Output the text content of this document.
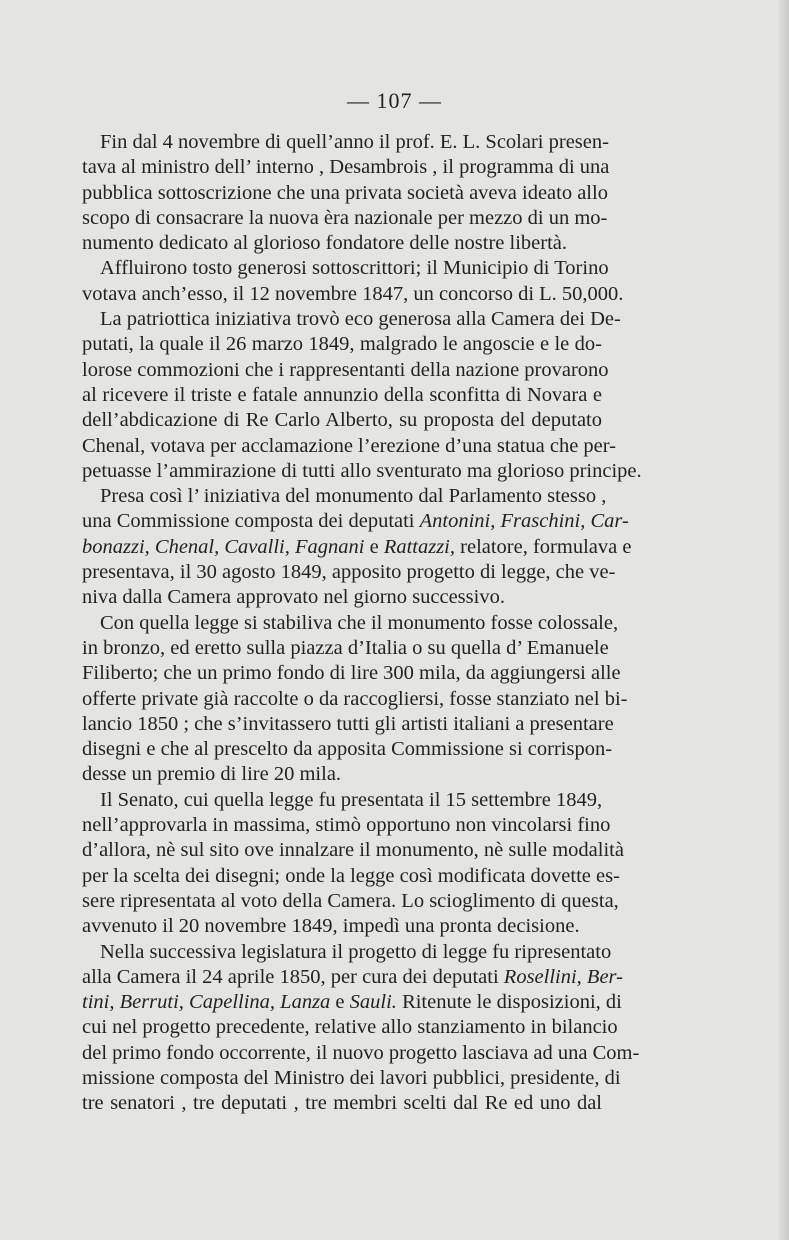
— 107 —
Fin dal 4 novembre di quell’anno il prof. E. L. Scolari presen-
tava al ministro dell’ interno , Desambrois , il programma di una
pubblica sottoscrizione che una privata società aveva ideato allo
scopo di consacrare la nuova èra nazionale per mezzo di un mo-
numento dedicato al glorioso fondatore delle nostre libertà.
Affluirono tosto generosi sottoscrittori; il Municipio di Torino
votava anch’esso, il 12 novembre 1847, un concorso di L. 50,000.
La patriottica iniziativa trovò eco generosa alla Camera dei De-
putati, la quale il 26 marzo 1849, malgrado le angoscie e le do-
lorose commozioni che i rappresentanti della nazione provarono
al ricevere il triste e fatale annunzio della sconfitta di Novara e
dell’abdicazione di Re Carlo Alberto, su proposta del deputato
Chenal, votava per acclamazione l’erezione d’una statua che per-
petuasse l’ammirazione di tutti allo sventurato ma glorioso principe.
Presa così l’ iniziativa del monumento dal Parlamento stesso ,
una Commissione composta dei deputati Antonini, Fraschini, Car-
bonazzi, Chenal, Cavalli, Fagnani e Rattazzi, relatore, formulava e
presentava, il 30 agosto 1849, apposito progetto di legge, che ve-
niva dalla Camera approvato nel giorno successivo.
Con quella legge si stabiliva che il monumento fosse colossale,
in bronzo, ed eretto sulla piazza d’Italia o su quella d’ Emanuele
Filiberto; che un primo fondo di lire 300 mila, da aggiungersi alle
offerte private già raccolte o da raccogliersi, fosse stanziato nel bi-
lancio 1850 ; che s’invitassero tutti gli artisti italiani a presentare
disegni e che al prescelto da apposita Commissione si corrispon-
desse un premio di lire 20 mila.
Il Senato, cui quella legge fu presentata il 15 settembre 1849,
nell’approvarla in massima, stimò opportuno non vincolarsi fino
d’allora, nè sul sito ove innalzare il monumento, nè sulle modalità
per la scelta dei disegni; onde la legge così modificata dovette es-
sere ripresentata al voto della Camera. Lo scioglimento di questa,
avvenuto il 20 novembre 1849, impedì una pronta decisione.
Nella successiva legislatura il progetto di legge fu ripresentato
alla Camera il 24 aprile 1850, per cura dei deputati Rosellini, Ber-
tini, Berruti, Capellina, Lanza e Sauli. Ritenute le disposizioni, di
cui nel progetto precedente, relative allo stanziamento in bilancio
del primo fondo occorrente, il nuovo progetto lasciava ad una Com-
missione composta del Ministro dei lavori pubblici, presidente, di
tre senatori , tre deputati , tre membri scelti dal Re ed uno dal
